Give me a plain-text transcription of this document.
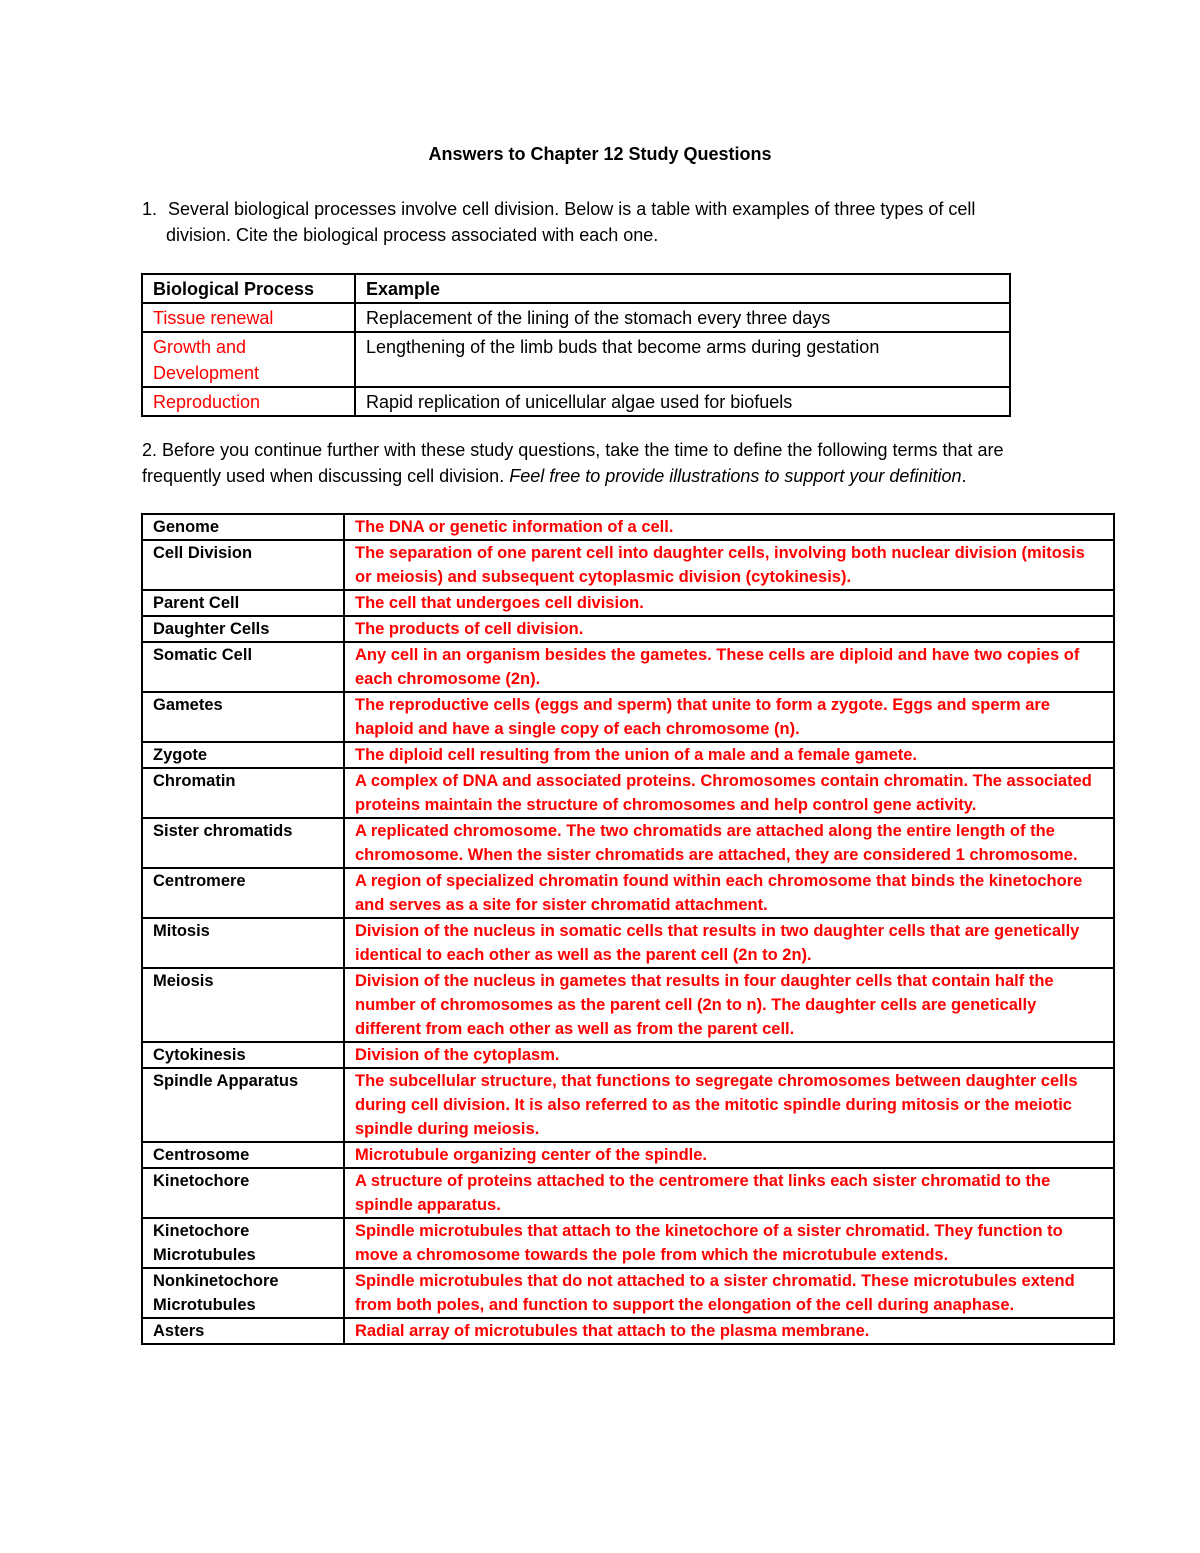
Answers to Chapter 12 Study Questions
1. Several biological processes involve cell division. Below is a table with examples of three types of cell
division. Cite the biological process associated with each one.
Biological Process	Example
Tissue renewal	Replacement of the lining of the stomach every three days
Growth and Development	Lengthening of the limb buds that become arms during gestation
Reproduction	Rapid replication of unicellular algae used for biofuels
2. Before you continue further with these study questions, take the time to define the following terms that are frequently used when discussing cell division. Feel free to provide illustrations to support your definition.
Genome	The DNA or genetic information of a cell.
Cell Division	The separation of one parent cell into daughter cells, involving both nuclear division (mitosis or meiosis) and subsequent cytoplasmic division (cytokinesis).
Parent Cell	The cell that undergoes cell division.
Daughter Cells	The products of cell division.
Somatic Cell	Any cell in an organism besides the gametes. These cells are diploid and have two copies of each chromosome (2n).
Gametes	The reproductive cells (eggs and sperm) that unite to form a zygote. Eggs and sperm are haploid and have a single copy of each chromosome (n).
Zygote	The diploid cell resulting from the union of a male and a female gamete.
Chromatin	A complex of DNA and associated proteins. Chromosomes contain chromatin. The associated proteins maintain the structure of chromosomes and help control gene activity.
Sister chromatids	A replicated chromosome. The two chromatids are attached along the entire length of the chromosome. When the sister chromatids are attached, they are considered 1 chromosome.
Centromere	A region of specialized chromatin found within each chromosome that binds the kinetochore and serves as a site for sister chromatid attachment.
Mitosis	Division of the nucleus in somatic cells that results in two daughter cells that are genetically identical to each other as well as the parent cell (2n to 2n).
Meiosis	Division of the nucleus in gametes that results in four daughter cells that contain half the number of chromosomes as the parent cell (2n to n). The daughter cells are genetically different from each other as well as from the parent cell.
Cytokinesis	Division of the cytoplasm.
Spindle Apparatus	The subcellular structure, that functions to segregate chromosomes between daughter cells during cell division. It is also referred to as the mitotic spindle during mitosis or the meiotic spindle during meiosis.
Centrosome	Microtubule organizing center of the spindle.
Kinetochore	A structure of proteins attached to the centromere that links each sister chromatid to the spindle apparatus.
Kinetochore Microtubules	Spindle microtubules that attach to the kinetochore of a sister chromatid. They function to move a chromosome towards the pole from which the microtubule extends.
Nonkinetochore Microtubules	Spindle microtubules that do not attached to a sister chromatid. These microtubules extend from both poles, and function to support the elongation of the cell during anaphase.
Asters	Radial array of microtubules that attach to the plasma membrane.
